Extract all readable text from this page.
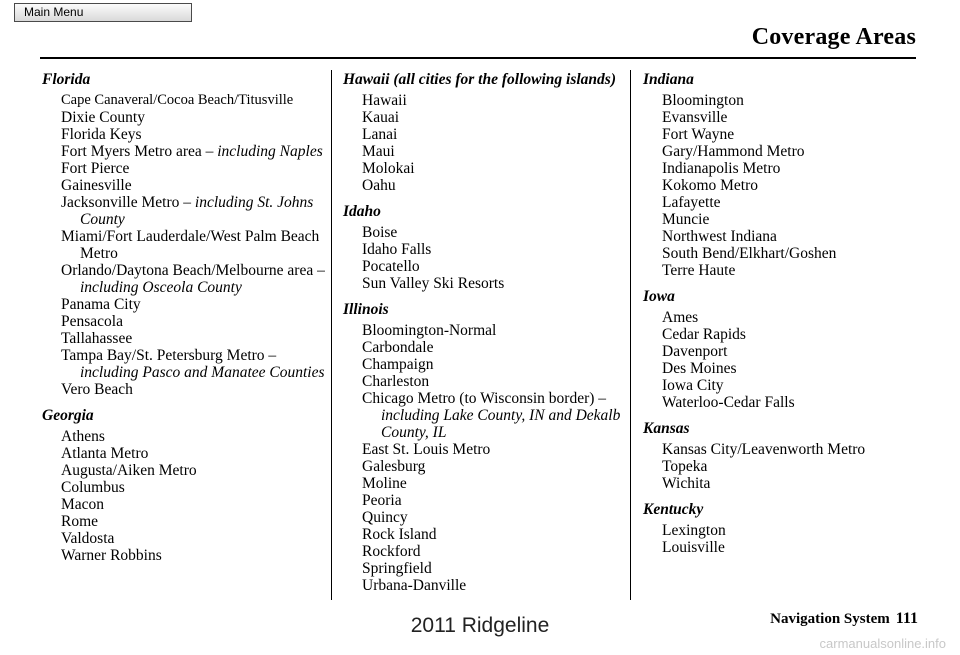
Main Menu
Coverage Areas
Florida
Cape Canaveral/Cocoa Beach/Titusville
Dixie County
Florida Keys
Fort Myers Metro area – including Naples
Fort Pierce
Gainesville
Jacksonville Metro – including St. Johns County
Miami/Fort Lauderdale/West Palm Beach Metro
Orlando/Daytona Beach/Melbourne area – including Osceola County
Panama City
Pensacola
Tallahassee
Tampa Bay/St. Petersburg Metro – including Pasco and Manatee Counties
Vero Beach
Georgia
Athens
Atlanta Metro
Augusta/Aiken Metro
Columbus
Macon
Rome
Valdosta
Warner Robbins
Hawaii (all cities for the following islands)
Hawaii
Kauai
Lanai
Maui
Molokai
Oahu
Idaho
Boise
Idaho Falls
Pocatello
Sun Valley Ski Resorts
Illinois
Bloomington-Normal
Carbondale
Champaign
Charleston
Chicago Metro (to Wisconsin border) – including Lake County, IN and Dekalb County, IL
East St. Louis Metro
Galesburg
Moline
Peoria
Quincy
Rock Island
Rockford
Springfield
Urbana-Danville
Indiana
Bloomington
Evansville
Fort Wayne
Gary/Hammond Metro
Indianapolis Metro
Kokomo Metro
Lafayette
Muncie
Northwest Indiana
South Bend/Elkhart/Goshen
Terre Haute
Iowa
Ames
Cedar Rapids
Davenport
Des Moines
Iowa City
Waterloo-Cedar Falls
Kansas
Kansas City/Leavenworth Metro
Topeka
Wichita
Kentucky
Lexington
Louisville
Navigation System 111
2011 Ridgeline
carmanualsonline.info
